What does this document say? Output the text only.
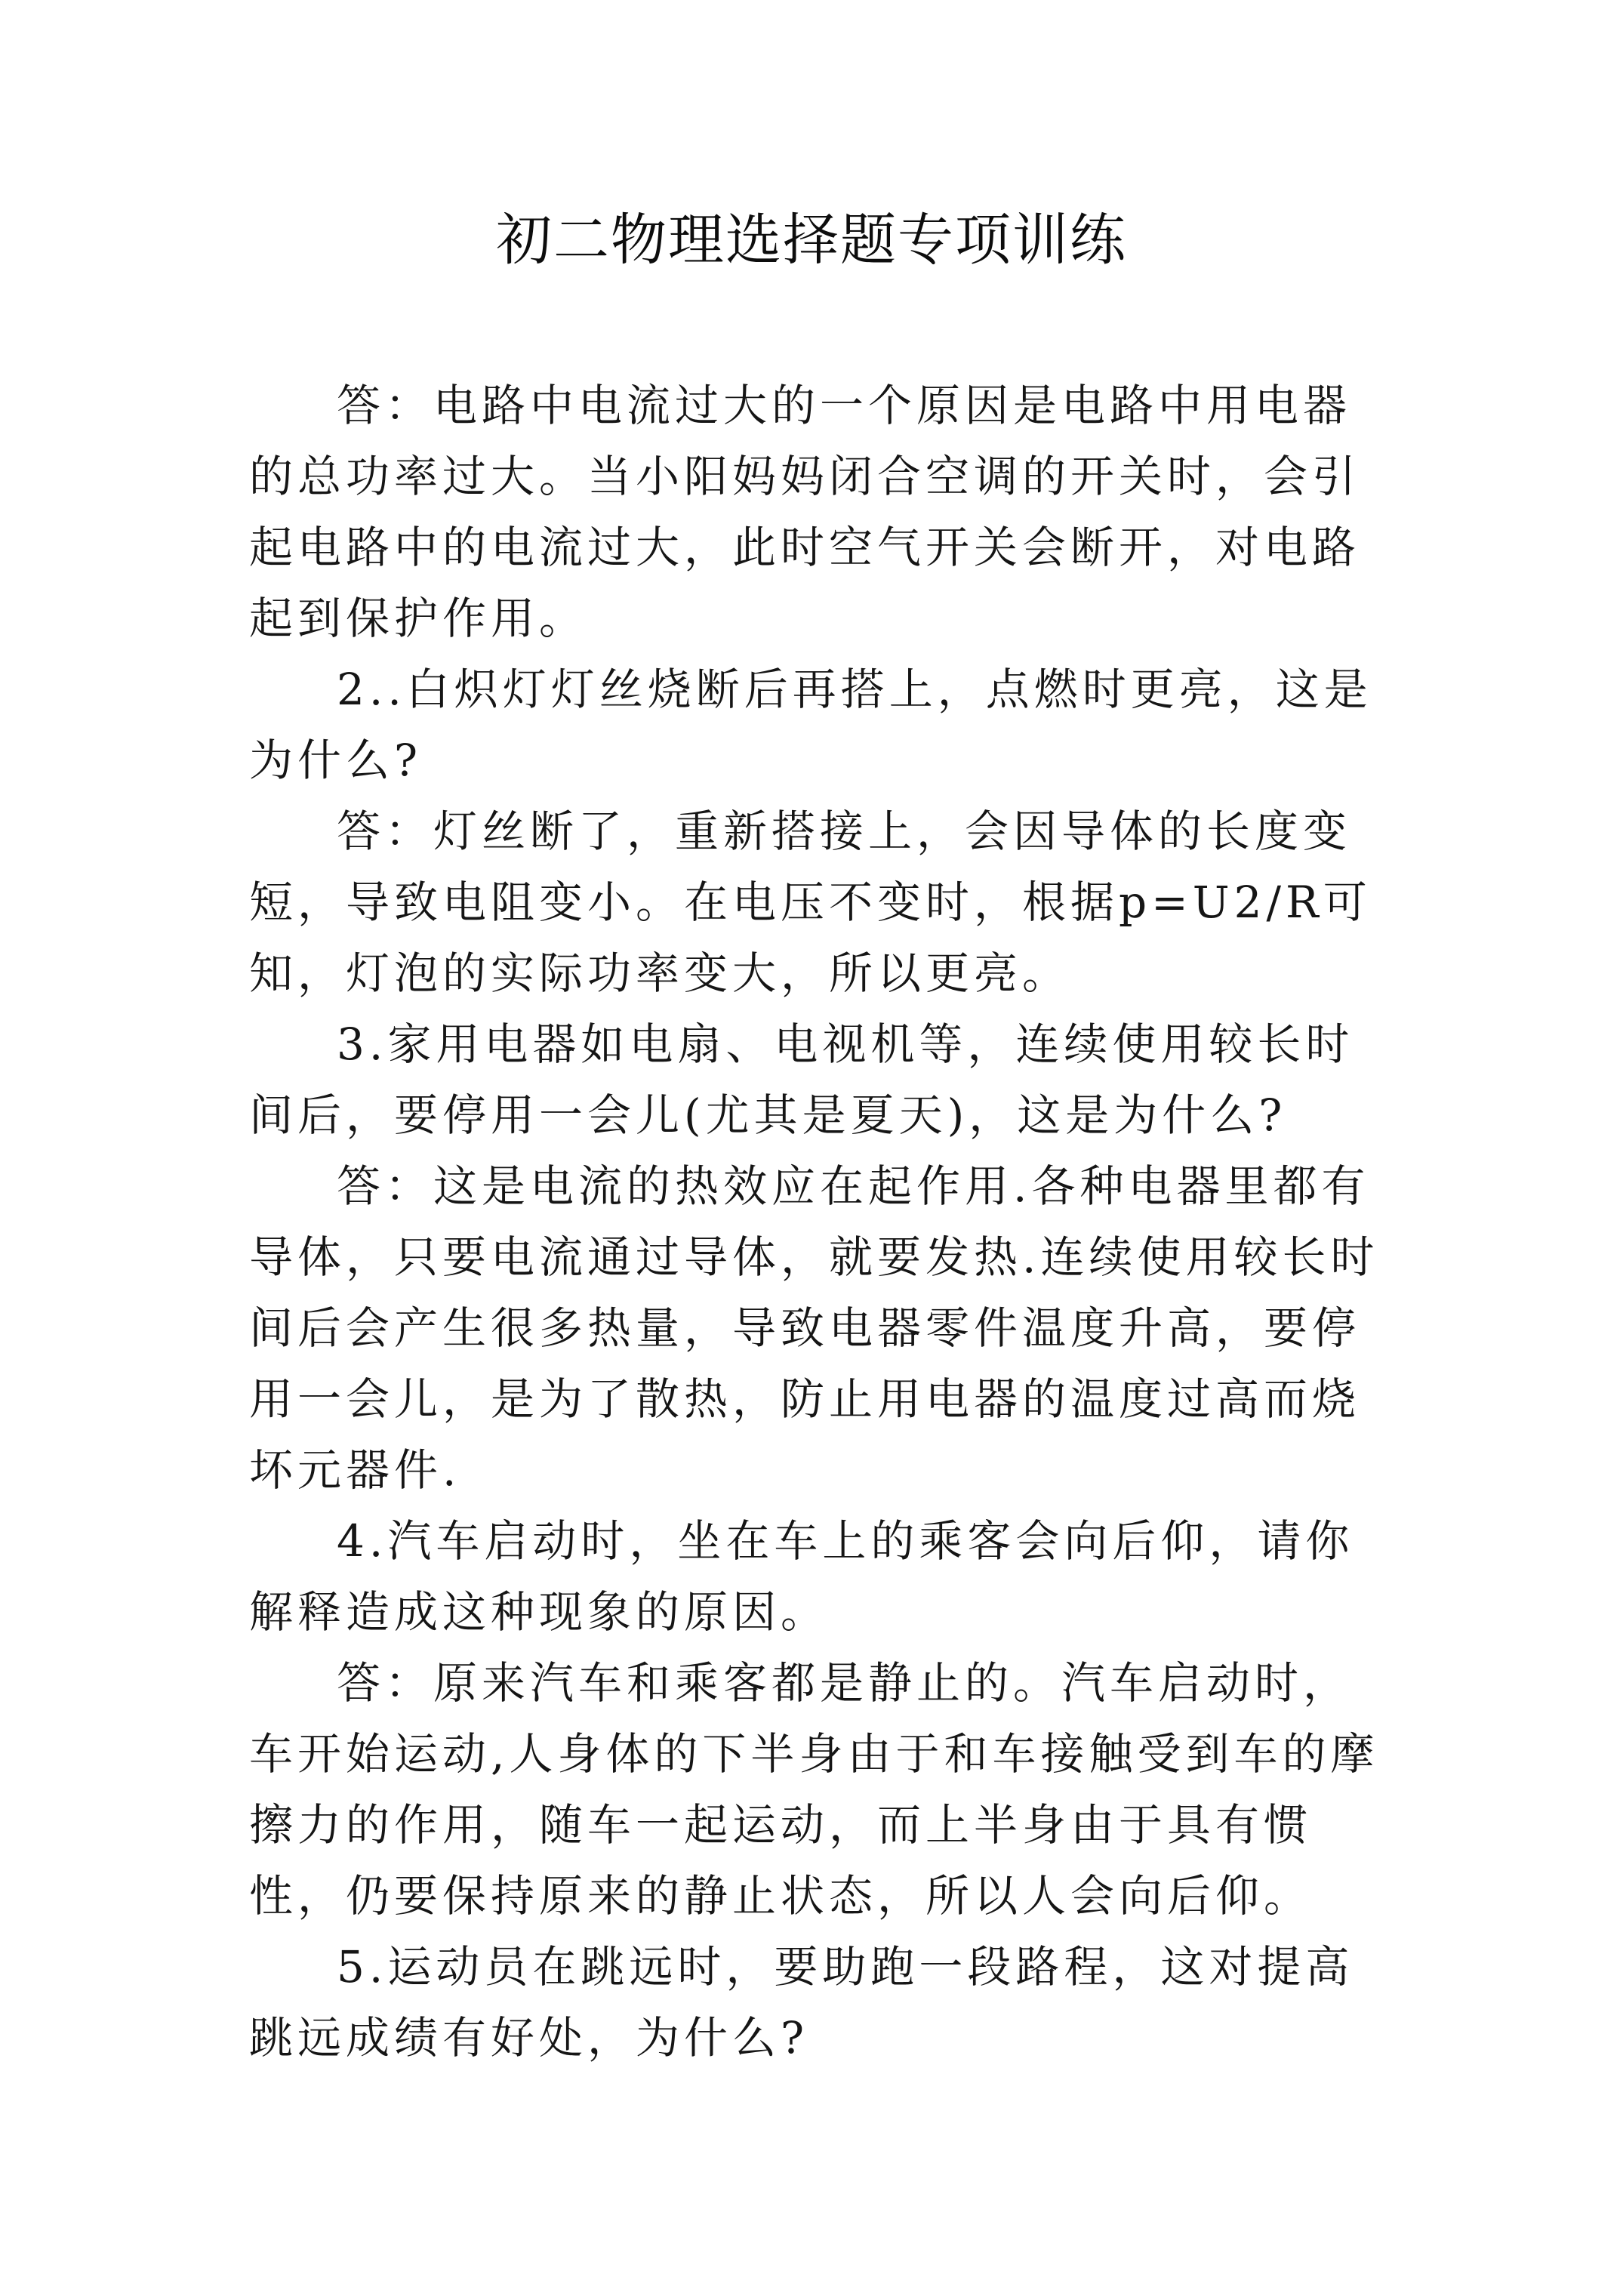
初二物理选择题专项训练

答：电路中电流过大的一个原因是电路中用电器的总功率过大。当小阳妈妈闭合空调的开关时，会引起电路中的电流过大，此时空气开关会断开，对电路起到保护作用。

2..白炽灯灯丝烧断后再搭上，点燃时更亮，这是为什么?

答：灯丝断了，重新搭接上，会因导体的长度变短，导致电阻变小。在电压不变时，根据p=U2/R可知，灯泡的实际功率变大，所以更亮。

3.家用电器如电扇、电视机等，连续使用较长时间后，要停用一会儿(尤其是夏天)，这是为什么?

答：这是电流的热效应在起作用.各种电器里都有导体，只要电流通过导体，就要发热.连续使用较长时间后会产生很多热量，导致电器零件温度升高，要停用一会儿，是为了散热，防止用电器的温度过高而烧坏元器件.

4.汽车启动时，坐在车上的乘客会向后仰，请你解释造成这种现象的原因。

答：原来汽车和乘客都是静止的。汽车启动时，车开始运动,人身体的下半身由于和车接触受到车的摩擦力的作用，随车一起运动，而上半身由于具有惯性，仍要保持原来的静止状态，所以人会向后仰。

5.运动员在跳远时，要助跑一段路程，这对提高跳远成绩有好处，为什么?
